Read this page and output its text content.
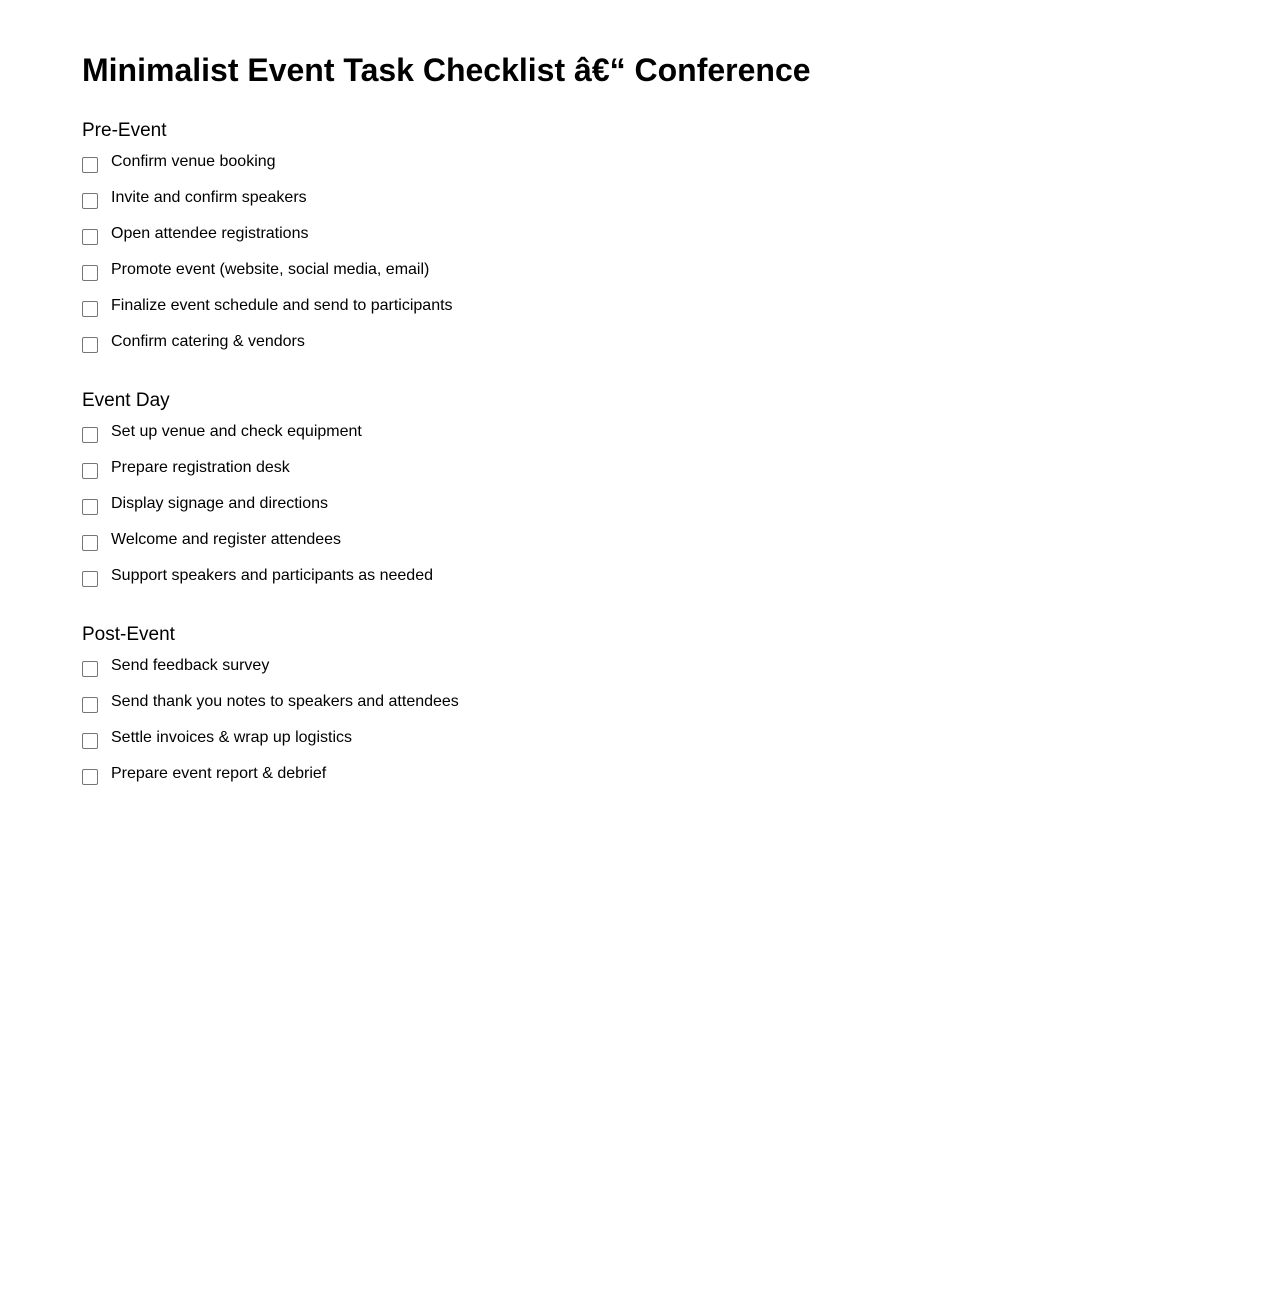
Minimalist Event Task Checklist â€“ Conference
Pre-Event
Confirm venue booking
Invite and confirm speakers
Open attendee registrations
Promote event (website, social media, email)
Finalize event schedule and send to participants
Confirm catering & vendors
Event Day
Set up venue and check equipment
Prepare registration desk
Display signage and directions
Welcome and register attendees
Support speakers and participants as needed
Post-Event
Send feedback survey
Send thank you notes to speakers and attendees
Settle invoices & wrap up logistics
Prepare event report & debrief
